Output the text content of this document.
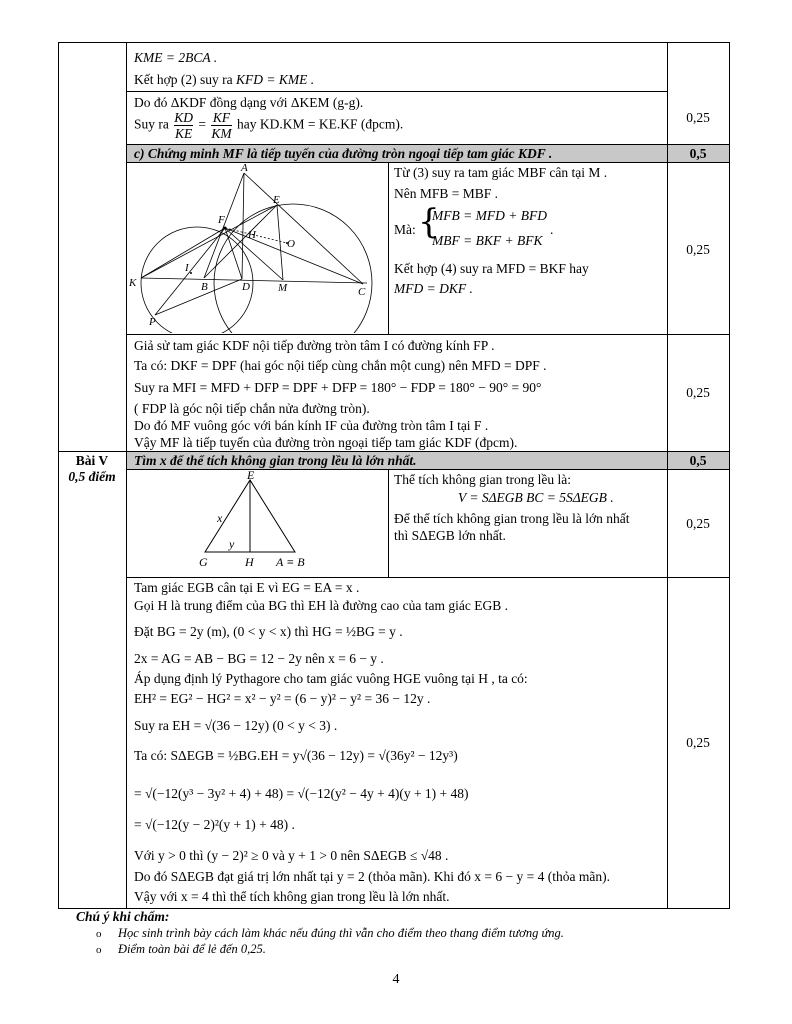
KME = 2BCA .
Kết hợp (2) suy ra KFD = KME .
Do đó ΔKDF đồng dạng với ΔKEM (g-g).
Suy ra $\frac{KD}{KE} = \frac{KF}{KM}$ hay KD.KM = KE.KF (đpcm).	0,25
c) Chứng minh MF là tiếp tuyến của đường tròn ngoại tiếp tam giác KDF .	0,5
A
E
F
H
O
I
K	B	D	M	C
P
Từ (3) suy ra tam giác MBF cân tại M .
Nên MFB = MBF .
Mà: {
MFB = MFD + BFD
MBF = BKF + BFK
.
Kết hợp (4) suy ra MFD = BKF hay
MFD = DKF .
0,25
Giả sử tam giác KDF nội tiếp đường tròn tâm I có đường kính FP .
Ta có: DKF = DPF (hai góc nội tiếp cùng chắn một cung) nên MFD = DPF .
Suy ra MFI = MFD + DFP = DPF + DFP = 180° − FDP = 180° − 90° = 90°
( FDP là góc nội tiếp chắn nửa đường tròn).
Do đó MF vuông góc với bán kính IF của đường tròn tâm I tại F .
Vậy MF là tiếp tuyến của đường tròn ngoại tiếp tam giác KDF (đpcm).
0,25
Bài V
0,5 điểm
Tìm x để thể tích không gian trong lều là lớn nhất.	0,5
E
x
y
G	H A ≡ B
Thể tích không gian trong lều là:
V = SΔEGB BC = 5SΔEGB .
Để thể tích không gian trong lều là lớn nhất
thì SΔEGB lớn nhất.
0,25
Tam giác EGB cân tại E vì EG = EA = x .
Gọi H là trung điểm của BG thì EH là đường cao của tam giác EGB .
Đặt BG = 2y (m), (0 < y < x) thì HG = ½BG = y .
2x = AG = AB − BG = 12 − 2y nên x = 6 − y .
Áp dụng định lý Pythagore cho tam giác vuông HGE vuông tại H , ta có:
EH² = EG² − HG² = x² − y² = (6 − y)² − y² = 36 − 12y .
Suy ra EH = √(36 − 12y) (0 < y < 3) .
Ta có: SΔEGB = ½BG.EH = y√(36 − 12y) = √(36y² − 12y³)
= √(−12(y³ − 3y² + 4) + 48) = √(−12(y² − 4y + 4)(y + 1) + 48)
= √(−12(y − 2)²(y + 1) + 48) .
Với y > 0 thì (y − 2)² ≥ 0 và y + 1 > 0 nên SΔEGB ≤ √48 .
Do đó SΔEGB đạt giá trị lớn nhất tại y = 2 (thỏa mãn). Khi đó x = 6 − y = 4 (thỏa mãn).
Vậy với x = 4 thì thể tích không gian trong lều là lớn nhất.
0,25
Chú ý khi chấm:
o Học sinh trình bày cách làm khác nếu đúng thì vẫn cho điểm theo thang điểm tương ứng.
o Điểm toàn bài để lẻ đến 0,25.
4
